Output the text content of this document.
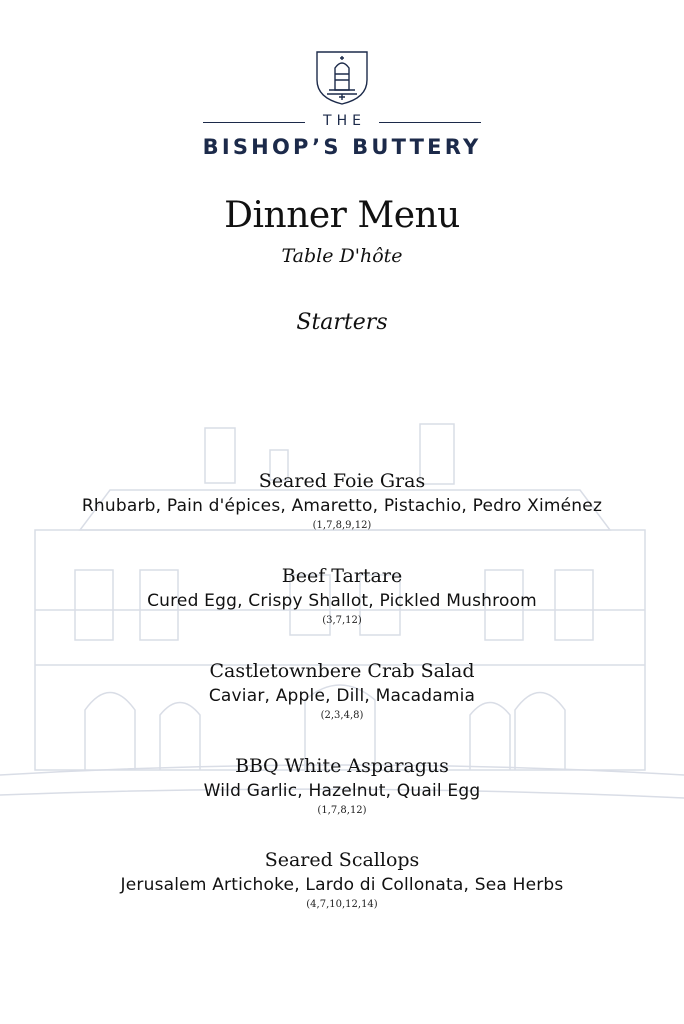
THE
BISHOP’S BUTTERY
Dinner Menu
Table D'hôte
Starters
Seared Foie Gras
Rhubarb, Pain d'épices, Amaretto, Pistachio, Pedro Ximénez
(1,7,8,9,12)
Beef Tartare
Cured Egg, Crispy Shallot, Pickled Mushroom
(3,7,12)
Castletownbere Crab Salad
Caviar, Apple, Dill, Macadamia
(2,3,4,8)
BBQ White Asparagus
Wild Garlic, Hazelnut, Quail Egg
(1,7,8,12)
Seared Scallops
Jerusalem Artichoke, Lardo di Collonata, Sea Herbs
(4,7,10,12,14)
